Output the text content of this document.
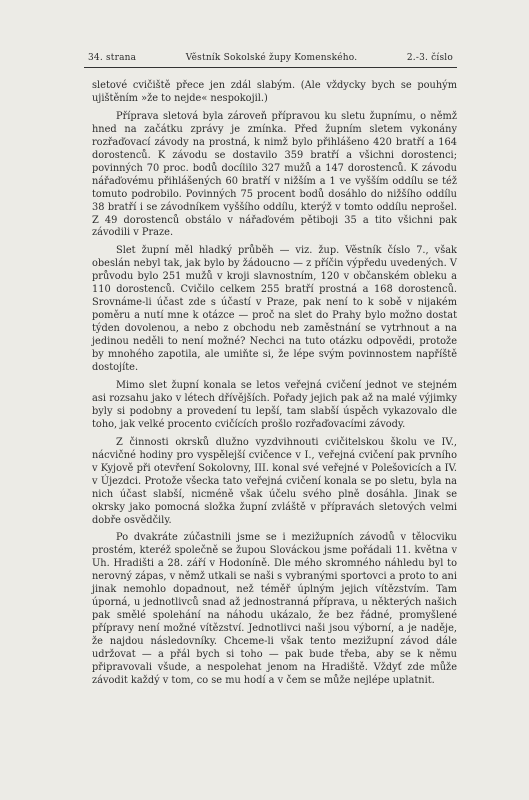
34. strana	Věstník Sokolské župy Komenského.	2.-3. číslo

sletové cvičiště přece jen zdál slabým. (Ale vždycky bych se pouhým ujištěním »že to nejde« nespokojil.)

Příprava sletová byla zároveň přípravou ku sletu župnímu, o němž hned na začátku zprávy je zmínka. Před župním sletem vykonány rozřaďovací závody na prostná, k nimž bylo přihlášeno 420 bratří a 164 dorostenců. K závodu se dostavilo 359 bratří a všichni dorostenci; povinných 70 proc. bodů docílilo 327 mužů a 147 dorostenců. K závodu nářaďovému přihlášených 60 bratří v nižším a 1 ve vyšším oddílu se též tomuto podrobilo. Povinných 75 procent bodů dosáhlo do nižšího oddílu 38 bratří i se závodníkem vyššího oddílu, kterýž v tomto oddílu neprošel. Z 49 dorostenců obstálo v nářaďovém pětiboji 35 a tito všichni pak závodili v Praze.

Slet župní měl hladký průběh — viz. žup. Věstník číslo 7., však obeslán nebyl tak, jak bylo by žádoucno — z příčin výpředu uvedených. V průvodu bylo 251 mužů v kroji slavnostním, 120 v občanském obleku a 110 dorostenců. Cvičilo celkem 255 bratří prostná a 168 dorostenců. Srovnáme-li účast zde s účastí v Praze, pak není to k sobě v nijakém poměru a nutí mne k otázce — proč na slet do Prahy bylo možno dostat týden dovolenou, a nebo z obchodu neb zaměstnání se vytrhnout a na jedinou neděli to není možné? Nechci na tuto otázku odpovědi, protože by mnohého zapotila, ale umiňte si, že lépe svým povinnostem napříště dostojíte.

Mimo slet župní konala se letos veřejná cvičení jednot ve stejném asi rozsahu jako v létech dřívějších. Pořady jejich pak až na malé výjimky byly si podobny a provedení tu lepší, tam slabší úspěch vykazovalo dle toho, jak velké procento cvičících prošlo rozřaďovacími závody.

Z činnosti okrsků dlužno vyzdvihnouti cvičitelskou školu ve IV., nácvičné hodiny pro vyspělejší cvičence v I., veřejná cvičení pak prvního v Kyjově při otevření Sokolovny, III. konal své veřejné v Polešovicích a IV. v Újezdci. Protože všecka tato veřejná cvičení konala se po sletu, byla na nich účast slabší, nicméně však účelu svého plně dosáhla. Jinak se okrsky jako pomocná složka župní zvláště v přípravách sletových velmi dobře osvědčily.

Po dvakráte zúčastnili jsme se i mezižupních závodů v tělocviku prostém, kteréž společně se župou Slováckou jsme pořádali 11. května v Uh. Hradišti a 28. září v Hodoníně. Dle mého skromného náhledu byl to nerovný zápas, v němž utkali se naši s vybranými sportovci a proto to ani jinak nemohlo dopadnout, než téměř úplným jejich vítězstvím. Tam úporná, u jednotlivců snad až jednostranná příprava, u některých našich pak smělé spolehání na náhodu ukázalo, že bez řádné, promyšlené přípravy není možné vítězství. Jednotlivci naši jsou výborní, a je naděje, že najdou následovníky. Chceme-li však tento mezižupní závod dále udržovat — a přál bych si toho — pak bude třeba, aby se k němu připravovali všude, a nespolehat jenom na Hradiště. Vždyť zde může závodit každý v tom, co se mu hodí a v čem se může nejlépe uplatnit.
